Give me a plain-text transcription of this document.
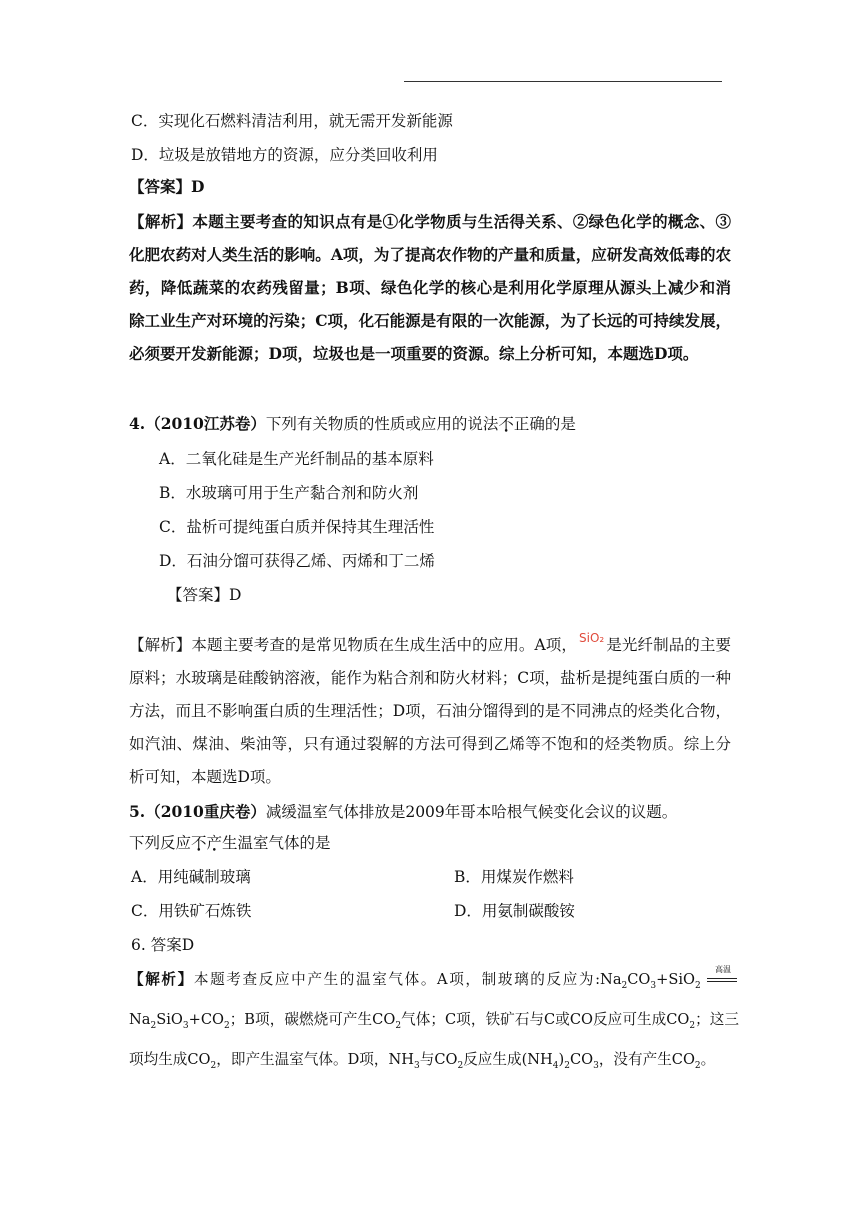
C．实现化石燃料清洁利用，就无需开发新能源
D．垃圾是放错地方的资源，应分类回收利用
【答案】D
【解析】本题主要考查的知识点有是①化学物质与生活得关系、②绿色化学的概念、③化肥农药对人类生活的影响。A项，为了提高农作物的产量和质量，应研发高效低毒的农药，降低蔬菜的农药残留量；B项、绿色化学的核心是利用化学原理从源头上减少和消除工业生产对环境的污染；C项，化石能源是有限的一次能源，为了长远的可持续发展，必须要开发新能源；D项，垃圾也是一项重要的资源。综上分析可知，本题选D项。
4.（2010江苏卷）下列有关物质的性质或应用的说法不正确的是
A．二氧化硅是生产光纤制品的基本原料
B．水玻璃可用于生产黏合剂和防火剂
C．盐析可提纯蛋白质并保持其生理活性
D．石油分馏可获得乙烯、丙烯和丁二烯
【答案】D
【解析】本题主要考查的是常见物质在生成生活中的应用。A项， SiO₂ 是光纤制品的主要原料；水玻璃是硅酸钠溶液，能作为粘合剂和防火材料；C项，盐析是提纯蛋白质的一种方法，而且不影响蛋白质的生理活性；D项，石油分馏得到的是不同沸点的烃类化合物，如汽油、煤油、柴油等，只有通过裂解的方法可得到乙烯等不饱和的烃类物质。综上分析可知，本题选D项。
5.（2010重庆卷）减缓温室气体排放是2009年哥本哈根气候变化会议的议题。
下列反应不产生温室气体的是
A．用纯碱制玻璃	B．用煤炭作燃料
C．用铁矿石炼铁	D．用氨制碳酸铵
6. 答案D
【解析】本题考查反应中产生的温室气体。A项，制玻璃的反应为$:Na_2CO_3+SiO_2$
高温
$Na_2SiO_3+CO_2$；B项，碳燃烧可产生$CO_2$气体；C项，铁矿石与C或CO反应可生成$CO_2$；这三项均生成$CO_2$，即产生温室气体。D项，$NH_3$与$CO_2$反应生成$(NH_4)_2CO_3$，没有产生$CO_2$。
